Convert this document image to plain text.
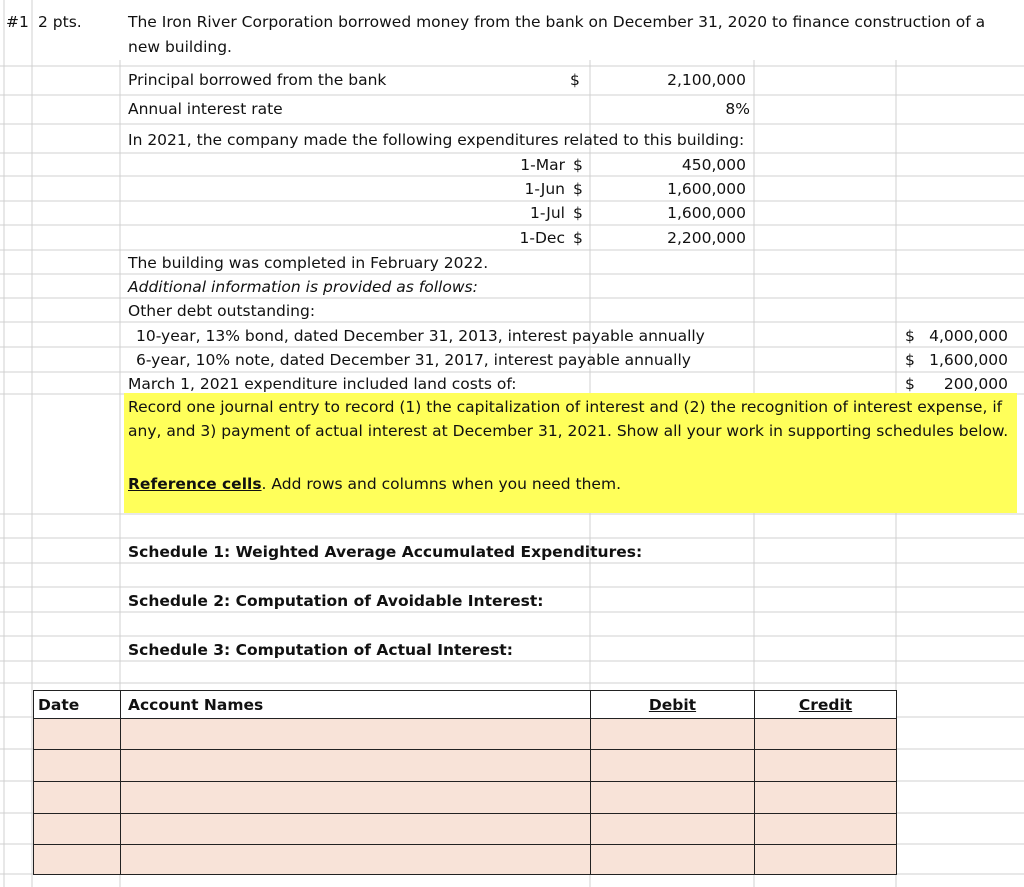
#1 2 pts.	The Iron River Corporation borrowed money from the bank on December 31, 2020 to finance construction of a
new building.
Principal borrowed from the bank	$	2,100,000
Annual interest rate	8%
In 2021, the company made the following expenditures related to this building:
1-Mar $	450,000
1-Jun $	1,600,000
1-Jul $	1,600,000
1-Dec $	2,200,000
The building was completed in February 2022.
Additional information is provided as follows:
Other debt outstanding:
10-year, 13% bond, dated December 31, 2013, interest payable annually	$ 4,000,000
6-year, 10% note, dated December 31, 2017, interest payable annually	$ 1,600,000
March 1, 2021 expenditure included land costs of:	$	200,000
Record one journal entry to record (1) the capitalization of interest and (2) the recognition of interest expense, if
any, and 3) payment of actual interest at December 31, 2021. Show all your work in supporting schedules below.
Reference cells. Add rows and columns when you need them.
Schedule 1: Weighted Average Accumulated Expenditures:
Schedule 2: Computation of Avoidable Interest:
Schedule 3: Computation of Actual Interest:
Date	Account Names	Debit	Credit
